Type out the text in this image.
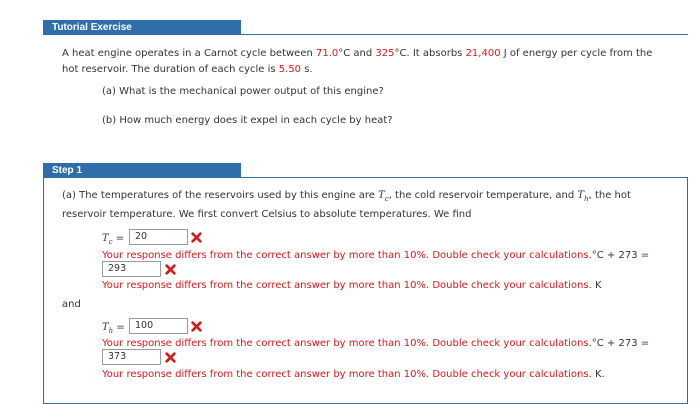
Tutorial Exercise
A heat engine operates in a Carnot cycle between 71.0°C and 325°C. It absorbs 21,400 J of energy per cycle from the
hot reservoir. The duration of each cycle is 5.50 s.
(a) What is the mechanical power output of this engine?
(b) How much energy does it expel in each cycle by heat?
Step 1
(a) The temperatures of the reservoirs used by this engine are $T_c$, the cold reservoir temperature, and $T_h$, the hot
reservoir temperature. We first convert Celsius to absolute temperatures. We find
$T_c$ =	20
Your response differs from the correct answer by more than 10%. Double check your calculations.°C + 273 =
293
Your response differs from the correct answer by more than 10%. Double check your calculations. K
and
$T_h$ =	100
Your response differs from the correct answer by more than 10%. Double check your calculations.°C + 273 =
373
Your response differs from the correct answer by more than 10%. Double check your calculations. K.
